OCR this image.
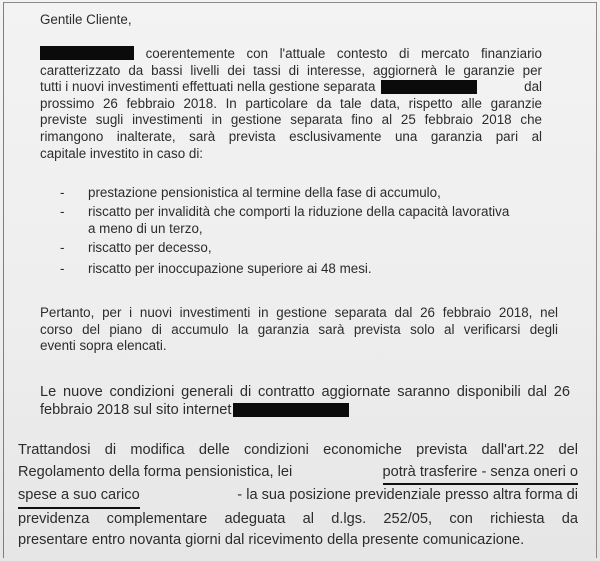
Gentile Cliente,

coerentemente con l'attuale contesto di mercato finanziario
caratterizzato da bassi livelli dei tassi di interesse, aggiornerà le garanzie per
tutti i nuovi investimenti effettuati nella gestione separata	dal
prossimo 26 febbraio 2018. In particolare da tale data, rispetto alle garanzie
previste sugli investimenti in gestione separata fino al 25 febbraio 2018 che
rimangono inalterate, sarà prevista esclusivamente una garanzia pari al
capitale investito in caso di:
- prestazione pensionistica al termine della fase di accumulo,
- riscatto per invalidità che comporti la riduzione della capacità lavorativa
a meno di un terzo,
- riscatto per decesso,
- riscatto per inoccupazione superiore ai 48 mesi.
Pertanto, per i nuovi investimenti in gestione separata dal 26 febbraio 2018, nel
corso del piano di accumulo la garanzia sarà prevista solo al verificarsi degli
eventi sopra elencati.
Le nuove condizioni generali di contratto aggiornate saranno disponibili dal 26
febbraio 2018 sul sito internet
Trattandosi di modifica delle condizioni economiche prevista dall'art.22 del
Regolamento della forma pensionistica, lei	potrà trasferire - senza oneri o
spese a suo carico	- la sua posizione previdenziale presso altra forma di
previdenza complementare adeguata al d.lgs. 252/05, con richiesta da
presentare entro novanta giorni dal ricevimento della presente comunicazione.
